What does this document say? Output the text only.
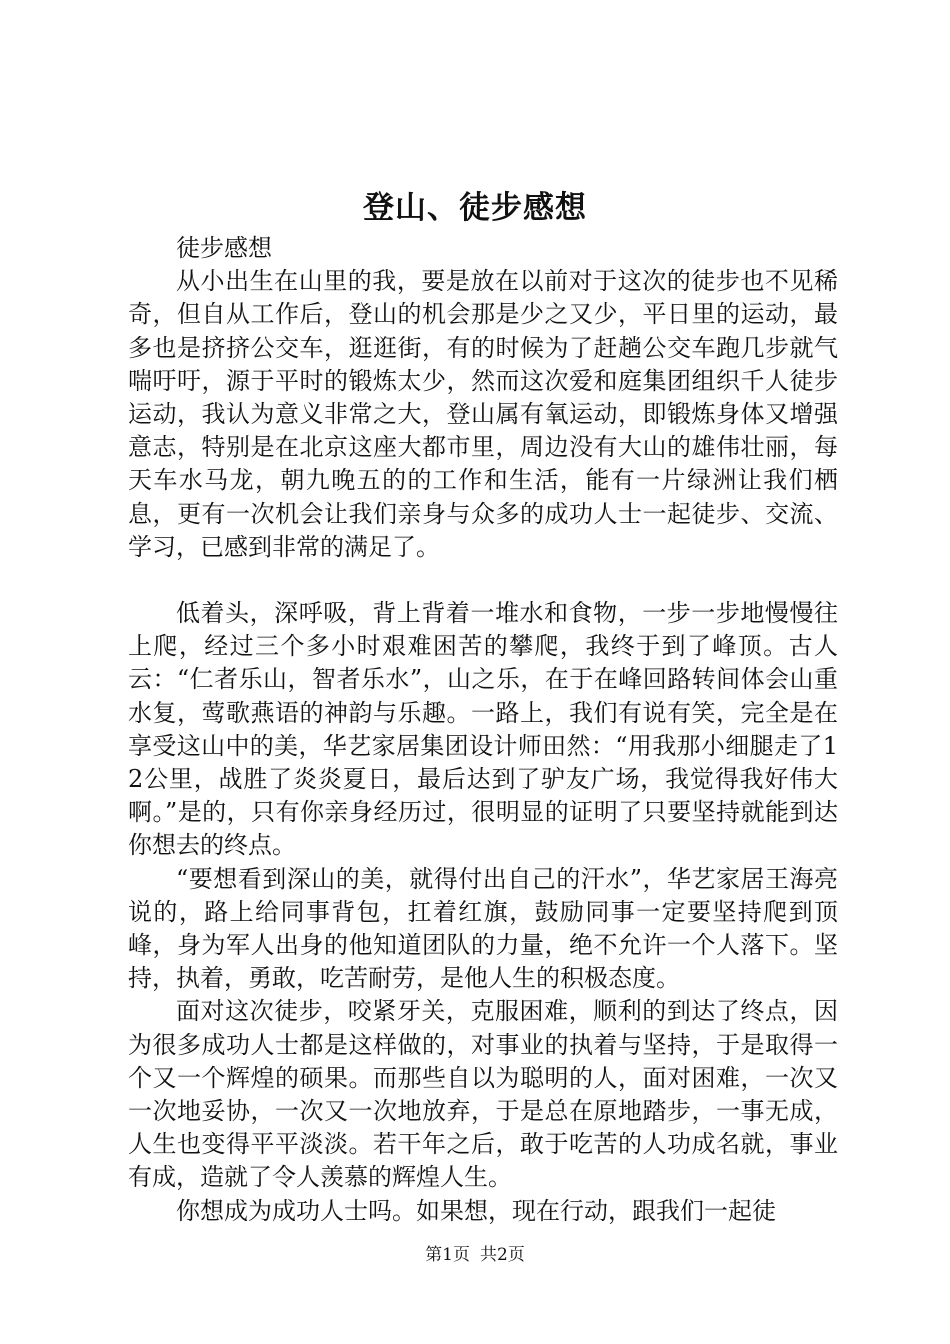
登山、徒步感想

徒步感想

从小出生在山里的我，要是放在以前对于这次的徒步也不见稀奇，但自从工作后，登山的机会那是少之又少，平日里的运动，最多也是挤挤公交车，逛逛街，有的时候为了赶趟公交车跑几步就气喘吁吁，源于平时的锻炼太少，然而这次爱和庭集团组织千人徒步运动，我认为意义非常之大，登山属有氧运动，即锻炼身体又增强意志，特别是在北京这座大都市里，周边没有大山的雄伟壮丽，每天车水马龙，朝九晚五的的工作和生活，能有一片绿洲让我们栖息，更有一次机会让我们亲身与众多的成功人士一起徒步、交流、学习，已感到非常的满足了。

低着头，深呼吸，背上背着一堆水和食物，一步一步地慢慢往上爬，经过三个多小时艰难困苦的攀爬，我终于到了峰顶。古人云：“仁者乐山，智者乐水”，山之乐，在于在峰回路转间体会山重水复，莺歌燕语的神韵与乐趣。一路上，我们有说有笑，完全是在享受这山中的美，华艺家居集团设计师田然：“用我那小细腿走了12公里，战胜了炎炎夏日，最后达到了驴友广场，我觉得我好伟大啊。”是的，只有你亲身经历过，很明显的证明了只要坚持就能到达你想去的终点。

“要想看到深山的美，就得付出自己的汗水”，华艺家居王海亮说的，路上给同事背包，扛着红旗，鼓励同事一定要坚持爬到顶峰，身为军人出身的他知道团队的力量，绝不允许一个人落下。坚持，执着，勇敢，吃苦耐劳，是他人生的积极态度。

面对这次徒步，咬紧牙关，克服困难，顺利的到达了终点，因为很多成功人士都是这样做的，对事业的执着与坚持，于是取得一个又一个辉煌的硕果。而那些自以为聪明的人，面对困难，一次又一次地妥协，一次又一次地放弃，于是总在原地踏步，一事无成，人生也变得平平淡淡。若干年之后，敢于吃苦的人功成名就，事业有成，造就了令人羡慕的辉煌人生。

你想成为成功人士吗。如果想，现在行动，跟我们一起徒

第1页 共2页
